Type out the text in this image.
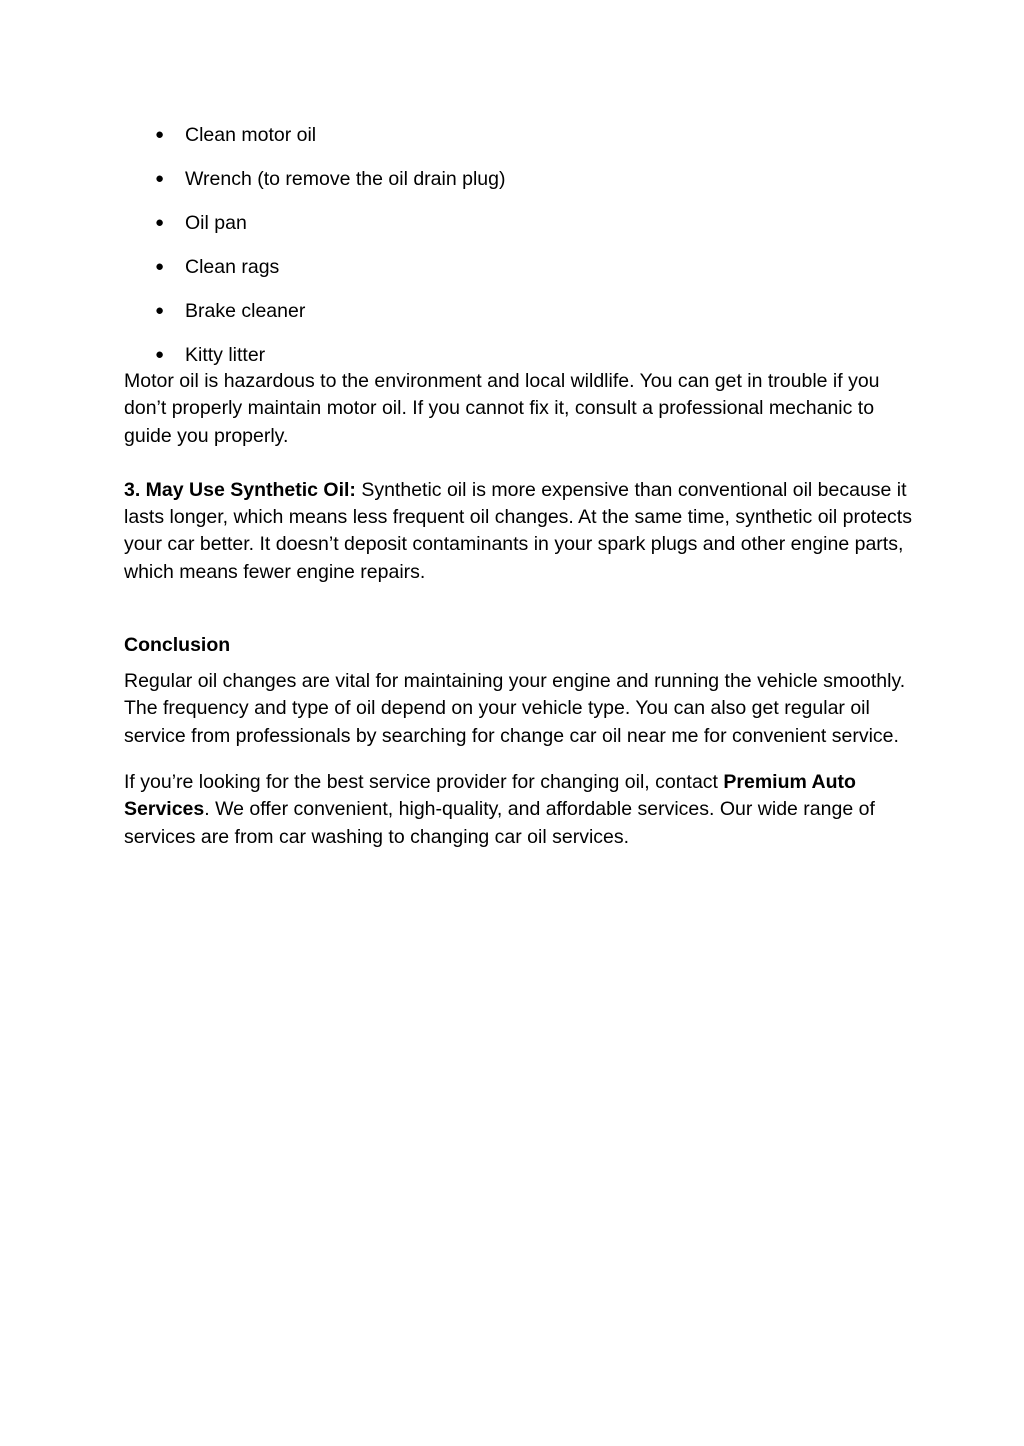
● Clean motor oil
● Wrench (to remove the oil drain plug)
● Oil pan
● Clean rags
● Brake cleaner
● Kitty litter

Motor oil is hazardous to the environment and local wildlife. You can get in trouble if you don’t properly maintain motor oil. If you cannot fix it, consult a professional mechanic to guide you properly.

3. May Use Synthetic Oil: Synthetic oil is more expensive than conventional oil because it lasts longer, which means less frequent oil changes. At the same time, synthetic oil protects your car better. It doesn’t deposit contaminants in your spark plugs and other engine parts, which means fewer engine repairs.

Conclusion

Regular oil changes are vital for maintaining your engine and running the vehicle smoothly. The frequency and type of oil depend on your vehicle type. You can also get regular oil service from professionals by searching for change car oil near me for convenient service.

If you’re looking for the best service provider for changing oil, contact Premium Auto Services. We offer convenient, high-quality, and affordable services. Our wide range of services are from car washing to changing car oil services.
